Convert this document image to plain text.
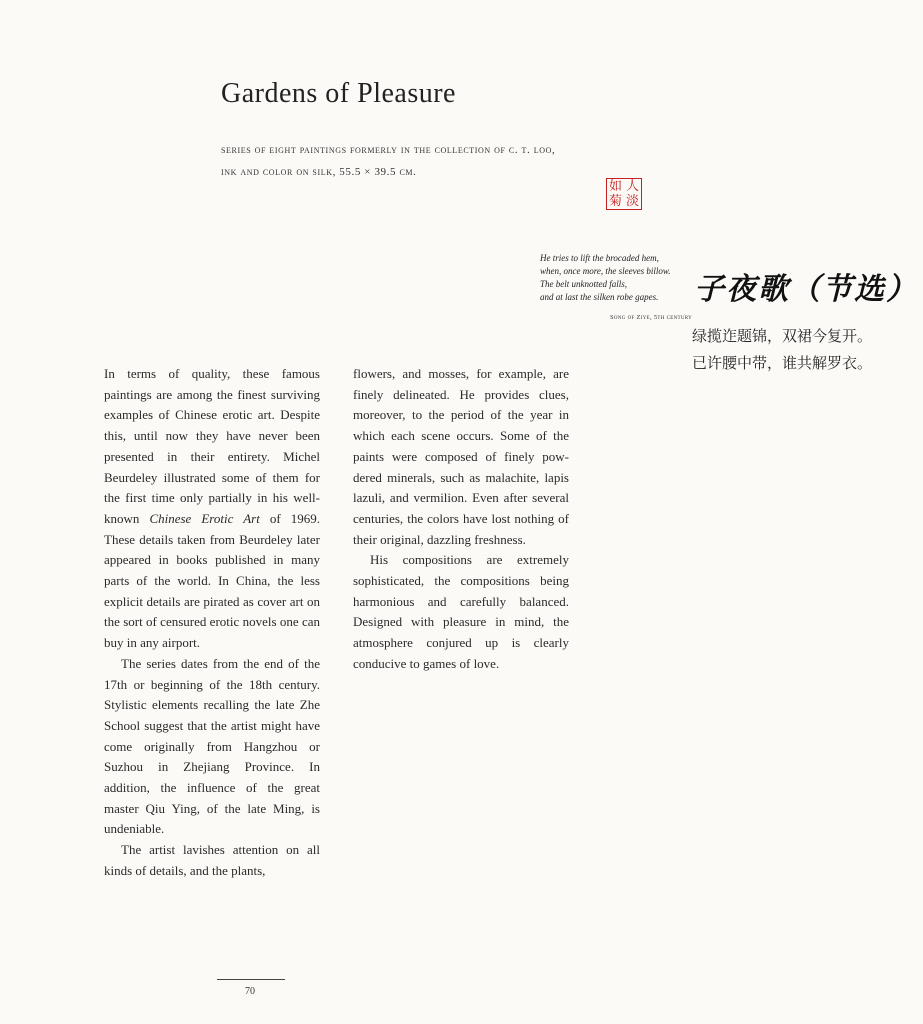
Gardens of Pleasure
series of eight paintings formerly in the collection of c. t. loo,
ink and color on silk, 55.5 × 39.5 cm.
如 人
菊 淡
He tries to lift the brocaded hem,
when, once more, the sleeves billow.
The belt unknotted falls,
and at last the silken robe gapes.
Song of Ziye, 5th century
子夜歌（节选）
绿揽迮题锦，双裙今复开。
已许腰中带，谁共解罗衣。

In terms of quality, these famous paintings are among the finest surviving examples of Chinese erotic art. Despite this, until now they have never been presented in their entirety. Michel Beurdeley illustrated some of them for the first time only partially in his well-known Chinese Erotic Art of 1969. These details taken from Beurdeley later appeared in books published in many parts of the world. In China, the less explicit details are pirated as cover art on the sort of censured erotic novels one can buy in any airport.

The series dates from the end of the 17th or beginning of the 18th century. Stylistic elements recalling the late Zhe School suggest that the artist might have come originally from Hangzhou or Suzhou in Zhejiang Province. In addition, the influence of the great master Qiu Ying, of the late Ming, is undeniable.

The artist lavishes attention on all kinds of details, and the plants,

flowers, and mosses, for example, are finely delineated. He provides clues, moreover, to the period of the year in which each scene occurs. Some of the paints were composed of finely powdered minerals, such as malachite, lapis lazuli, and vermilion. Even after several centuries, the colors have lost nothing of their original, dazzling freshness.

His compositions are extremely sophisticated, the compositions being harmonious and carefully balanced. Designed with pleasure in mind, the atmosphere conjured up is clearly conducive to games of love.

70
